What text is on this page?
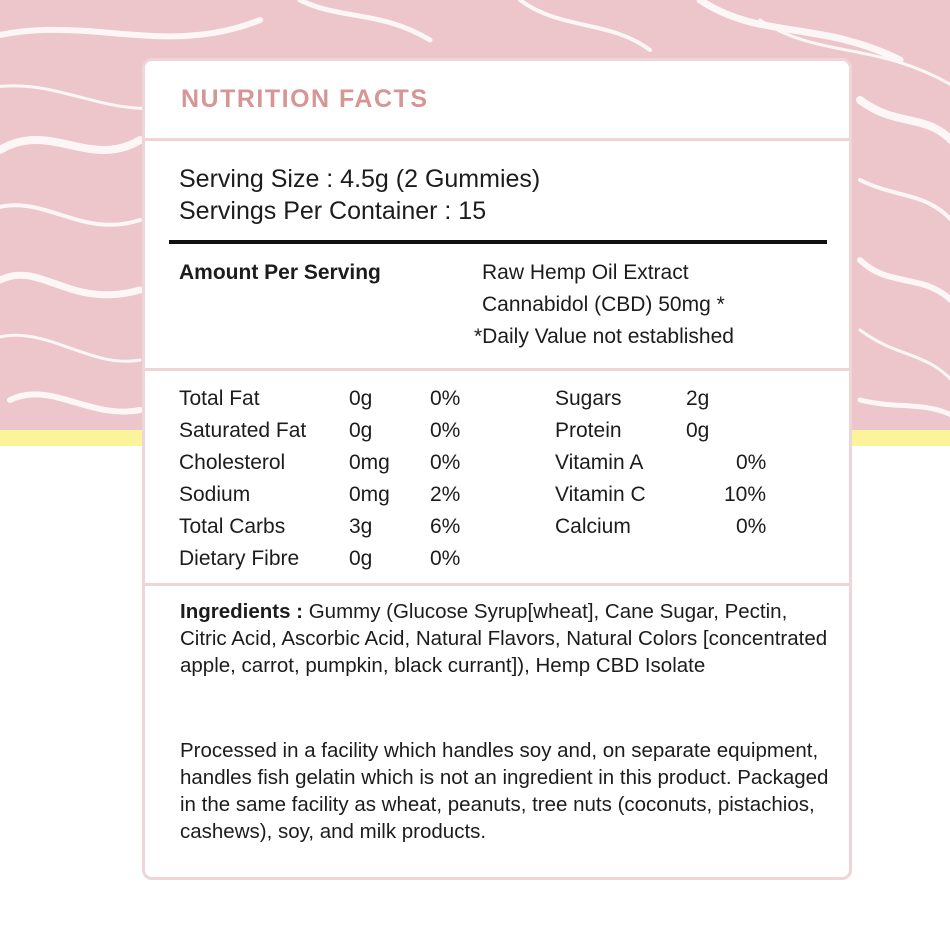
NUTRITION FACTS
Serving Size : 4.5g (2 Gummies)
Servings Per Container : 15
Amount Per Serving	Raw Hemp Oil Extract
Cannabidol (CBD) 50mg *
*Daily Value not established
Total Fat	0g	0%
Saturated Fat 0g	0%
Cholesterol	0mg 0%
Sodium	0mg 2%
Total Carbs	3g	6%
Dietary Fibre 0g	0%
Sugars	2g
Protein	0g
Vitamin A	0%
Vitamin C	10%
Calcium	0%
Ingredients : Gummy (Glucose Syrup[wheat], Cane Sugar, Pectin, Citric Acid, Ascorbic Acid, Natural Flavors, Natural Colors [concentrated apple, carrot, pumpkin, black currant]), Hemp CBD Isolate
Processed in a facility which handles soy and, on separate equipment, handles fish gelatin which is not an ingredient in this product. Packaged in the same facility as wheat, peanuts, tree nuts (coconuts, pistachios, cashews), soy, and milk products.
